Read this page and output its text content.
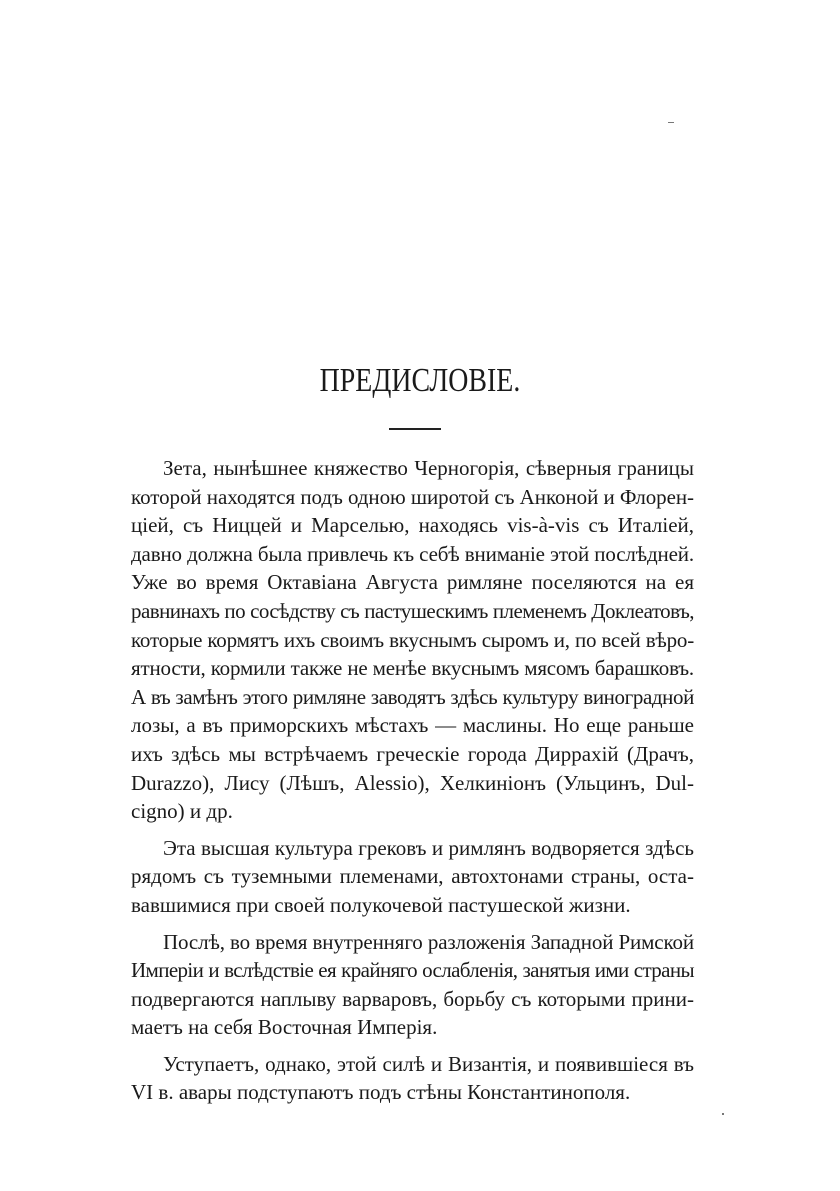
ПРЕДИСЛОВІЕ.

Зета, нынѣшнее княжество Черногорія, сѣверныя границы
которой находятся подъ одною широтой съ Анконой и Флорен-
ціей, съ Ниццей и Марселью, находясь vis-à-vis съ Италіей,
давно должна была привлечь къ себѣ вниманіе этой послѣдней.
Уже во время Октавіана Августа римляне поселяются на ея
равнинахъ по сосѣдству съ пастушескимъ племенемъ Доклеатовъ,
которые кормятъ ихъ своимъ вкуснымъ сыромъ и, по всей вѣро-
ятности, кормили также не менѣе вкуснымъ мясомъ барашковъ.
А въ замѣнъ этого римляне заводятъ здѣсь культуру виноградной
лозы, а въ приморскихъ мѣстахъ — маслины. Но еще раньше
ихъ здѣсь мы встрѣчаемъ греческіе города Диррахій (Драчъ,
Durazzo), Лису (Лѣшъ, Alessio), Хелкиніонъ (Ульцинъ, Dul-
cigno) и др.

Эта высшая культура грековъ и римлянъ водворяется здѣсь
рядомъ съ туземными племенами, автохтонами страны, оста-
вавшимися при своей полукочевой пастушеской жизни.

Послѣ, во время внутренняго разложенія Западной Римской
Имперіи и вслѣдствіе ея крайняго ослабленія, занятыя ими страны
подвергаются наплыву варваровъ, борьбу съ которыми прини-
маетъ на себя Восточная Имперія.

Уступаетъ, однако, этой силѣ и Византія, и появившіеся въ
VI в. авары подступаютъ подъ стѣны Константинополя.
